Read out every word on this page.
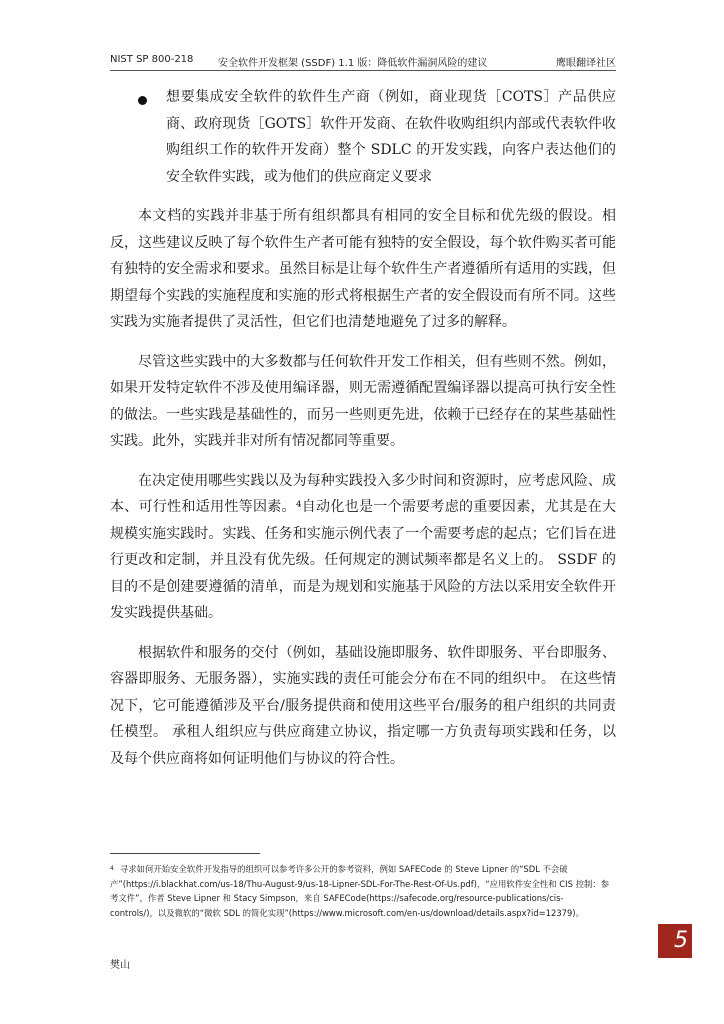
NIST SP 800-218 安全软件开发框架 (SSDF) 1.1 版：降低软件漏洞风险的建议	鹰眼翻译社区

想要集成安全软件的软件生产商（例如，商业现货［COTS］产品供应商、政府现货［GOTS］软件开发商、在软件收购组织内部或代表软件收购组织工作的软件开发商）整个 SDLC 的开发实践，向客户表达他们的安全软件实践，或为他们的供应商定义要求

本文档的实践并非基于所有组织都具有相同的安全目标和优先级的假设。相反，这些建议反映了每个软件生产者可能有独特的安全假设，每个软件购买者可能有独特的安全需求和要求。虽然目标是让每个软件生产者遵循所有适用的实践，但期望每个实践的实施程度和实施的形式将根据生产者的安全假设而有所不同。这些实践为实施者提供了灵活性，但它们也清楚地避免了过多的解释。

尽管这些实践中的大多数都与任何软件开发工作相关，但有些则不然。例如，如果开发特定软件不涉及使用编译器，则无需遵循配置编译器以提高可执行安全性的做法。一些实践是基础性的，而另一些则更先进，依赖于已经存在的某些基础性实践。此外，实践并非对所有情况都同等重要。

在决定使用哪些实践以及为每种实践投入多少时间和资源时，应考虑风险、成本、可行性和适用性等因素。⁴自动化也是一个需要考虑的重要因素，尤其是在大规模实施实践时。实践、任务和实施示例代表了一个需要考虑的起点；它们旨在进行更改和定制，并且没有优先级。任何规定的测试频率都是名义上的。 SSDF 的目的不是创建要遵循的清单，而是为规划和实施基于风险的方法以采用安全软件开发实践提供基础。

根据软件和服务的交付（例如，基础设施即服务、软件即服务、平台即服务、容器即服务、无服务器），实施实践的责任可能会分布在不同的组织中。 在这些情况下，它可能遵循涉及平台/服务提供商和使用这些平台/服务的租户组织的共同责任模型。 承租人组织应与供应商建立协议，指定哪一方负责每项实践和任务，以及每个供应商将如何证明他们与协议的符合性。

$^4$ 寻求如何开始安全软件开发指导的组织可以参考许多公开的参考资料，例如 SAFECode 的 Steve Lipner 的“SDL 不会破产”(https://i.blackhat.com/us-18/Thu-August-9/us-18-Lipner-SDL-For-The-Rest-Of-Us.pdf)，“应用软件安全性和 CIS 控制：参考文件”，作者 Steve Lipner 和 Stacy Simpson，来自 SAFECode(https://safecode.org/resource-publications/cis-controls/)，以及微软的“微软 SDL 的简化实现”(https://www.microsoft.com/en-us/download/details.aspx?id=12379)。
5
樊山
